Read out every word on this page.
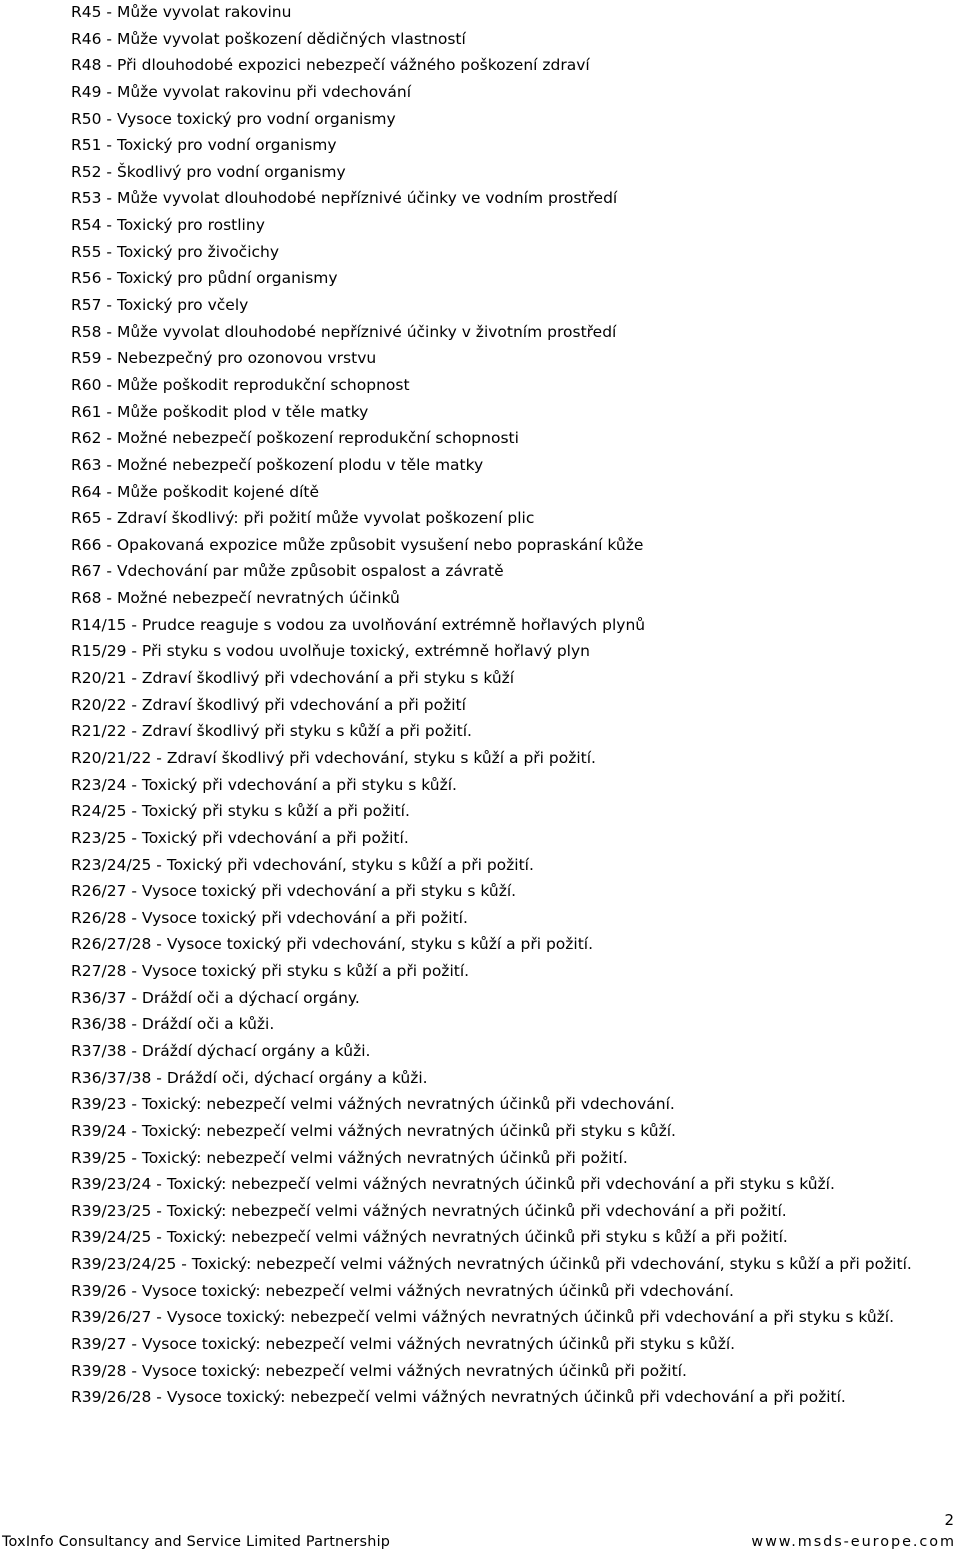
R45 - Může vyvolat rakovinu
R46 - Může vyvolat poškození dědičných vlastností
R48 - Při dlouhodobé expozici nebezpečí vážného poškození zdraví
R49 - Může vyvolat rakovinu při vdechování
R50 - Vysoce toxický pro vodní organismy
R51 - Toxický pro vodní organismy
R52 - Škodlivý pro vodní organismy
R53 - Může vyvolat dlouhodobé nepříznivé účinky ve vodním prostředí
R54 - Toxický pro rostliny
R55 - Toxický pro živočichy
R56 - Toxický pro půdní organismy
R57 - Toxický pro včely
R58 - Může vyvolat dlouhodobé nepříznivé účinky v životním prostředí
R59 - Nebezpečný pro ozonovou vrstvu
R60 - Může poškodit reprodukční schopnost
R61 - Může poškodit plod v těle matky
R62 - Možné nebezpečí poškození reprodukční schopnosti
R63 - Možné nebezpečí poškození plodu v těle matky
R64 - Může poškodit kojené dítě
R65 - Zdraví škodlivý: při požití může vyvolat poškození plic
R66 - Opakovaná expozice může způsobit vysušení nebo popraskání kůže
R67 - Vdechování par může způsobit ospalost a závratě
R68 - Možné nebezpečí nevratných účinků
R14/15 - Prudce reaguje s vodou za uvolňování extrémně hořlavých plynů
R15/29 - Při styku s vodou uvolňuje toxický, extrémně hořlavý plyn
R20/21 - Zdraví škodlivý při vdechování a při styku s kůží
R20/22 - Zdraví škodlivý při vdechování a při požití
R21/22 - Zdraví škodlivý při styku s kůží a při požití.
R20/21/22 - Zdraví škodlivý při vdechování, styku s kůží a při požití.
R23/24 - Toxický při vdechování a při styku s kůží.
R24/25 - Toxický při styku s kůží a při požití.
R23/25 - Toxický při vdechování a při požití.
R23/24/25 - Toxický při vdechování, styku s kůží a při požití.
R26/27 - Vysoce toxický při vdechování a při styku s kůží.
R26/28 - Vysoce toxický při vdechování a při požití.
R26/27/28 - Vysoce toxický při vdechování, styku s kůží a při požití.
R27/28 - Vysoce toxický při styku s kůží a při požití.
R36/37 - Dráždí oči a dýchací orgány.
R36/38 - Dráždí oči a kůži.
R37/38 - Dráždí dýchací orgány a kůži.
R36/37/38 - Dráždí oči, dýchací orgány a kůži.
R39/23 - Toxický: nebezpečí velmi vážných nevratných účinků při vdechování.
R39/24 - Toxický: nebezpečí velmi vážných nevratných účinků při styku s kůží.
R39/25 - Toxický: nebezpečí velmi vážných nevratných účinků při požití.
R39/23/24 - Toxický: nebezpečí velmi vážných nevratných účinků při vdechování a při styku s kůží.
R39/23/25 - Toxický: nebezpečí velmi vážných nevratných účinků při vdechování a při požití.
R39/24/25 - Toxický: nebezpečí velmi vážných nevratných účinků při styku s kůží a při požití.
R39/23/24/25 - Toxický: nebezpečí velmi vážných nevratných účinků při vdechování, styku s kůží a při požití.
R39/26 - Vysoce toxický: nebezpečí velmi vážných nevratných účinků při vdechování.
R39/26/27 - Vysoce toxický: nebezpečí velmi vážných nevratných účinků při vdechování a při styku s kůží.
R39/27 - Vysoce toxický: nebezpečí velmi vážných nevratných účinků při styku s kůží.
R39/28 - Vysoce toxický: nebezpečí velmi vážných nevratných účinků při požití.
R39/26/28 - Vysoce toxický: nebezpečí velmi vážných nevratných účinků při vdechování a při požití.
2
ToxInfo Consultancy and Service Limited Partnership	www.msds-europe.com
